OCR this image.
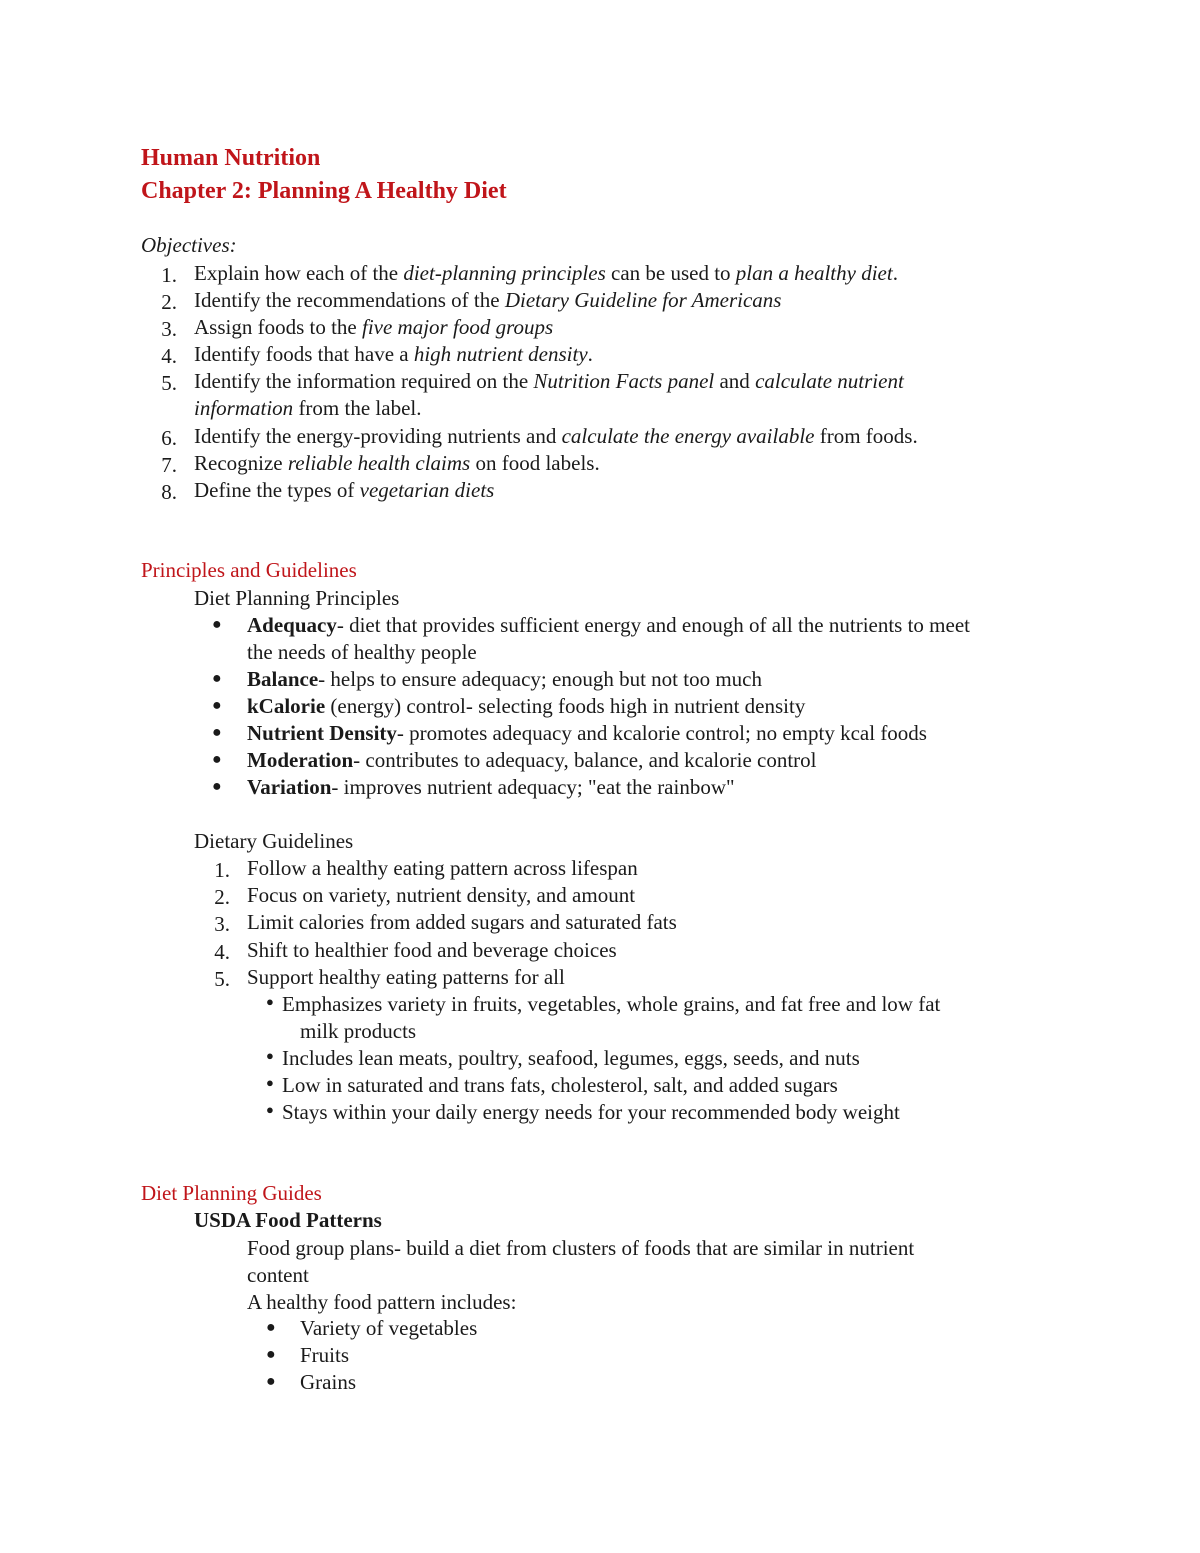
Human Nutrition
Chapter 2: Planning A Healthy Diet
Objectives:
1. Explain how each of the diet-planning principles can be used to plan a healthy diet.
2. Identify the recommendations of the Dietary Guideline for Americans
3. Assign foods to the five major food groups
4. Identify foods that have a high nutrient density.
5. Identify the information required on the Nutrition Facts panel and calculate nutrient
information from the label.
6. Identify the energy-providing nutrients and calculate the energy available from foods.
7. Recognize reliable health claims on food labels.
8. Define the types of vegetarian diets
Principles and Guidelines
Diet Planning Principles
● Adequacy- diet that provides sufficient energy and enough of all the nutrients to meet
the needs of healthy people
● Balance- helps to ensure adequacy; enough but not too much
● kCalorie (energy) control- selecting foods high in nutrient density
● Nutrient Density- promotes adequacy and kcalorie control; no empty kcal foods
● Moderation- contributes to adequacy, balance, and kcalorie control
● Variation- improves nutrient adequacy; "eat the rainbow"
Dietary Guidelines
1. Follow a healthy eating pattern across lifespan
2. Focus on variety, nutrient density, and amount
3. Limit calories from added sugars and saturated fats
4. Shift to healthier food and beverage choices
5. Support healthy eating patterns for all
● Emphasizes variety in fruits, vegetables, whole grains, and fat free and low fat
milk products
● Includes lean meats, poultry, seafood, legumes, eggs, seeds, and nuts
● Low in saturated and trans fats, cholesterol, salt, and added sugars
● Stays within your daily energy needs for your recommended body weight
Diet Planning Guides
USDA Food Patterns
Food group plans- build a diet from clusters of foods that are similar in nutrient
content
A healthy food pattern includes:
● Variety of vegetables
● Fruits
● Grains
